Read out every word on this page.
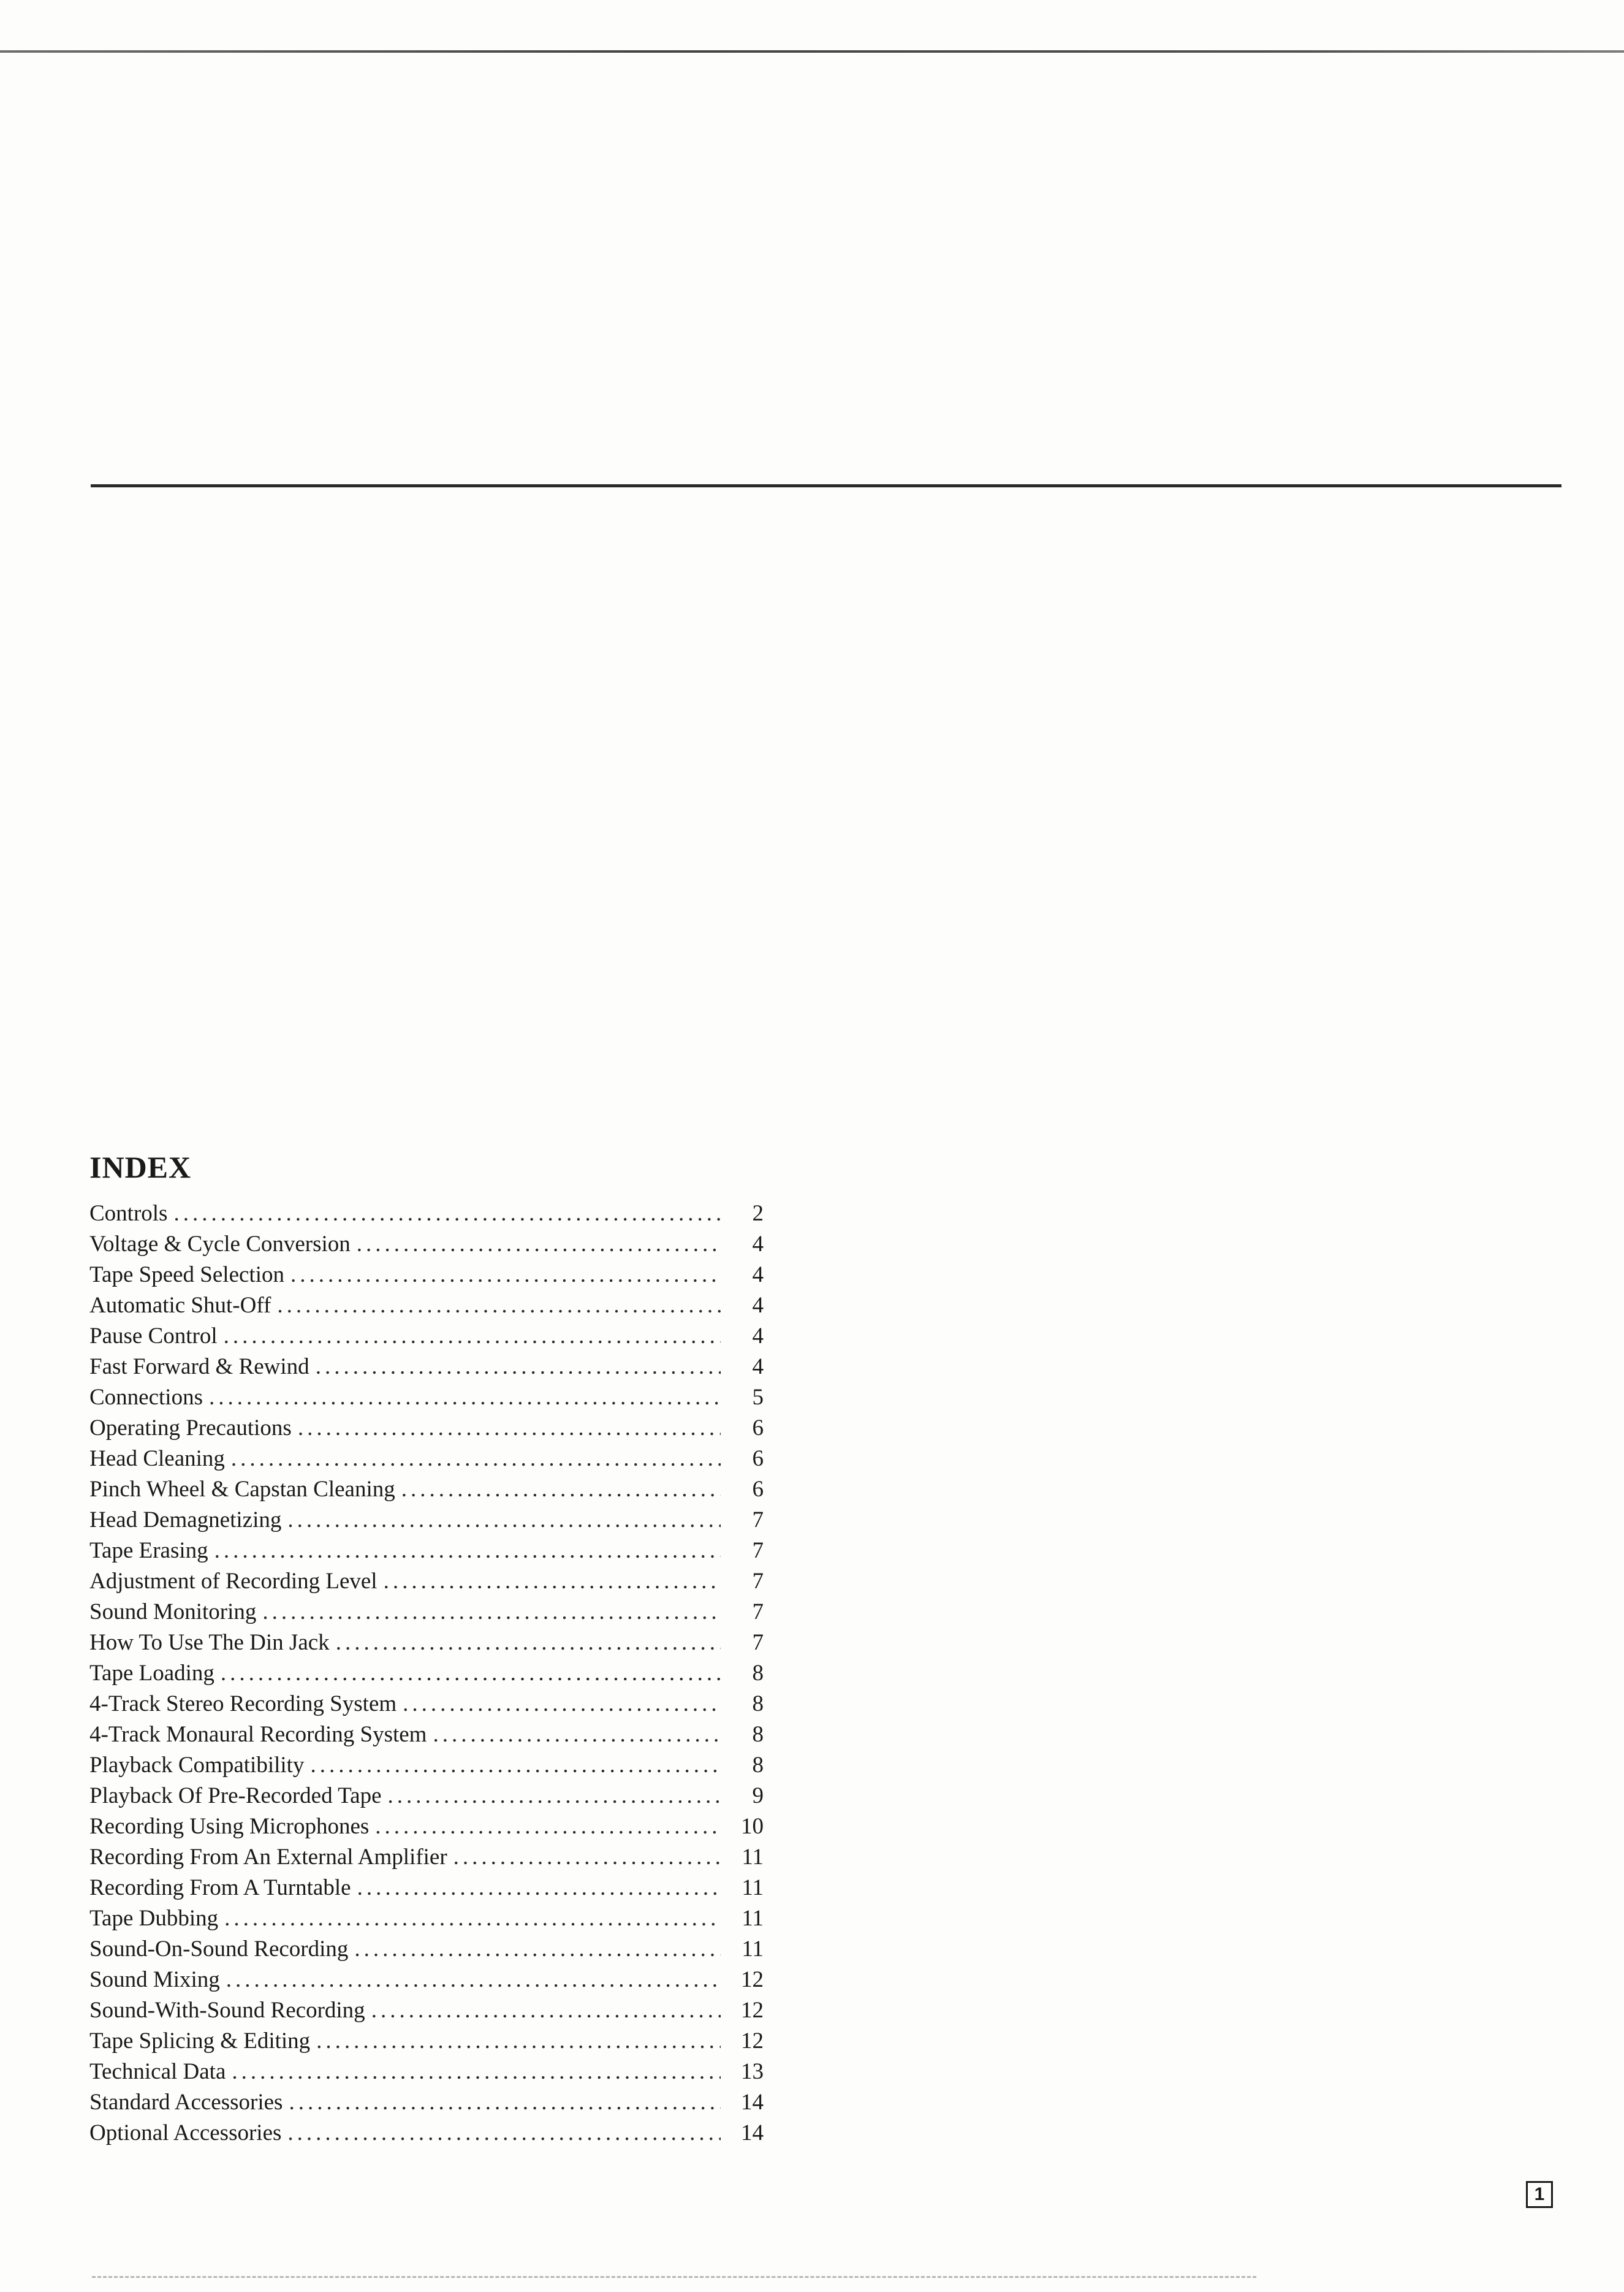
INDEX
Controls .....	2
Voltage & Cycle Conversion .....	4
Tape Speed Selection .....	4
Automatic Shut-Off .....	4
Pause Control .....	4
Fast Forward & Rewind .....	4
Connections .....	5
Operating Precautions .....	6
Head Cleaning .....	6
Pinch Wheel & Capstan Cleaning .....	6
Head Demagnetizing .....	7
Tape Erasing .....	7
Adjustment of Recording Level .....	7
Sound Monitoring .....	7
How To Use The Din Jack .....	7
Tape Loading .....	8
4-Track Stereo Recording System .....	8
4-Track Monaural Recording System .....	8
Playback Compatibility .....	8
Playback Of Pre-Recorded Tape .....	9
Recording Using Microphones .....	10
Recording From An External Amplifier .....	11
Recording From A Turntable .....	11
Tape Dubbing .....	11
Sound-On-Sound Recording .....	11
Sound Mixing .....	12
Sound-With-Sound Recording .....	12
Tape Splicing & Editing .....	12
Technical Data .....	13
Standard Accessories .....	14
Optional Accessories .....	14
1
